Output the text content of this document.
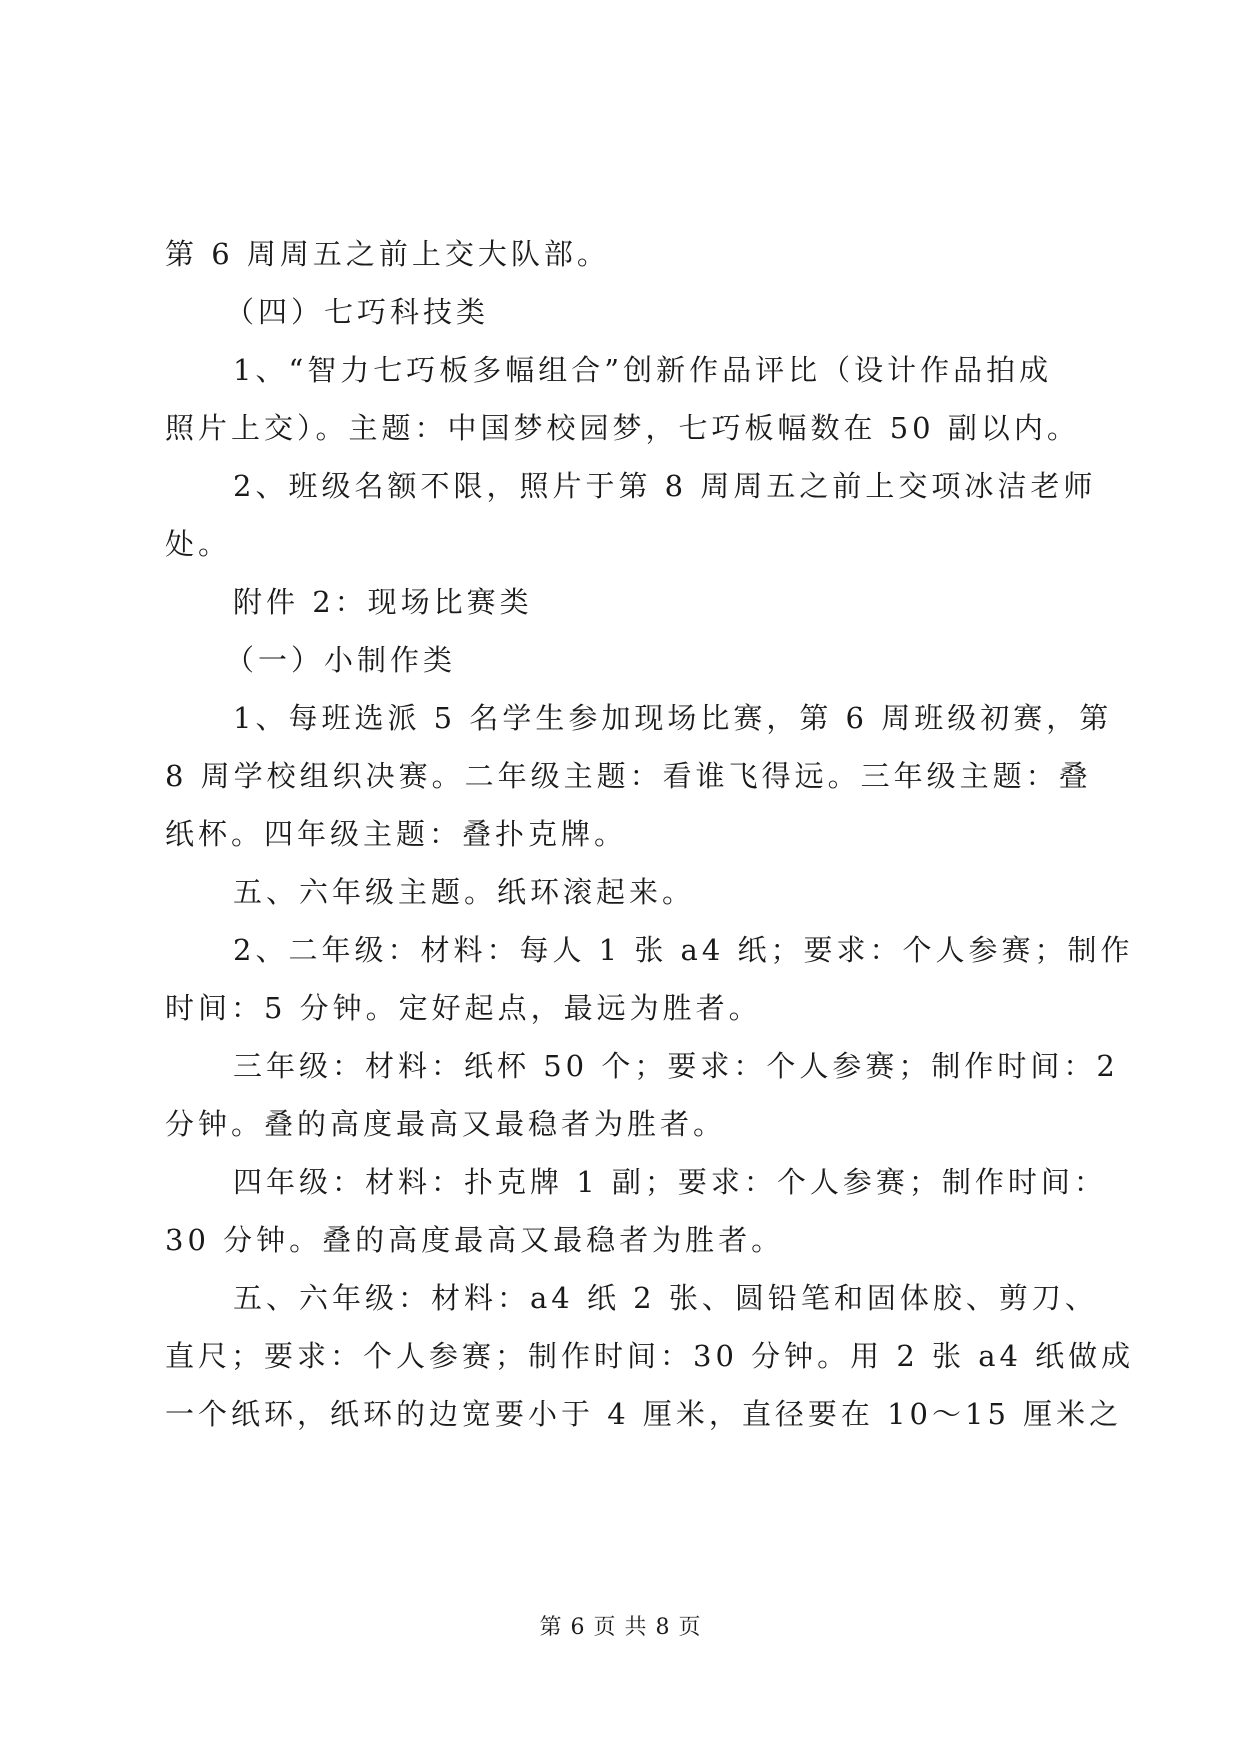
第 6 周周五之前上交大队部。
（四）七巧科技类
1、“智力七巧板多幅组合”创新作品评比（设计作品拍成
照片上交）。主题：中国梦校园梦，七巧板幅数在 50 副以内。
2、班级名额不限，照片于第 8 周周五之前上交项冰洁老师
处。
附件 2：现场比赛类
（一）小制作类
1、每班选派 5 名学生参加现场比赛，第 6 周班级初赛，第
8 周学校组织决赛。二年级主题：看谁飞得远。三年级主题：叠
纸杯。四年级主题：叠扑克牌。
五、六年级主题。纸环滚起来。
2、二年级：材料：每人 1 张 a4 纸；要求：个人参赛；制作
时间：5 分钟。定好起点，最远为胜者。
三年级：材料：纸杯 50 个；要求：个人参赛；制作时间：2
分钟。叠的高度最高又最稳者为胜者。
四年级：材料：扑克牌 1 副；要求：个人参赛；制作时间：
30 分钟。叠的高度最高又最稳者为胜者。
五、六年级：材料：a4 纸 2 张、圆铅笔和固体胶、剪刀、
直尺；要求：个人参赛；制作时间：30 分钟。用 2 张 a4 纸做成
一个纸环，纸环的边宽要小于 4 厘米，直径要在 10～15 厘米之
第 6 页 共 8 页
